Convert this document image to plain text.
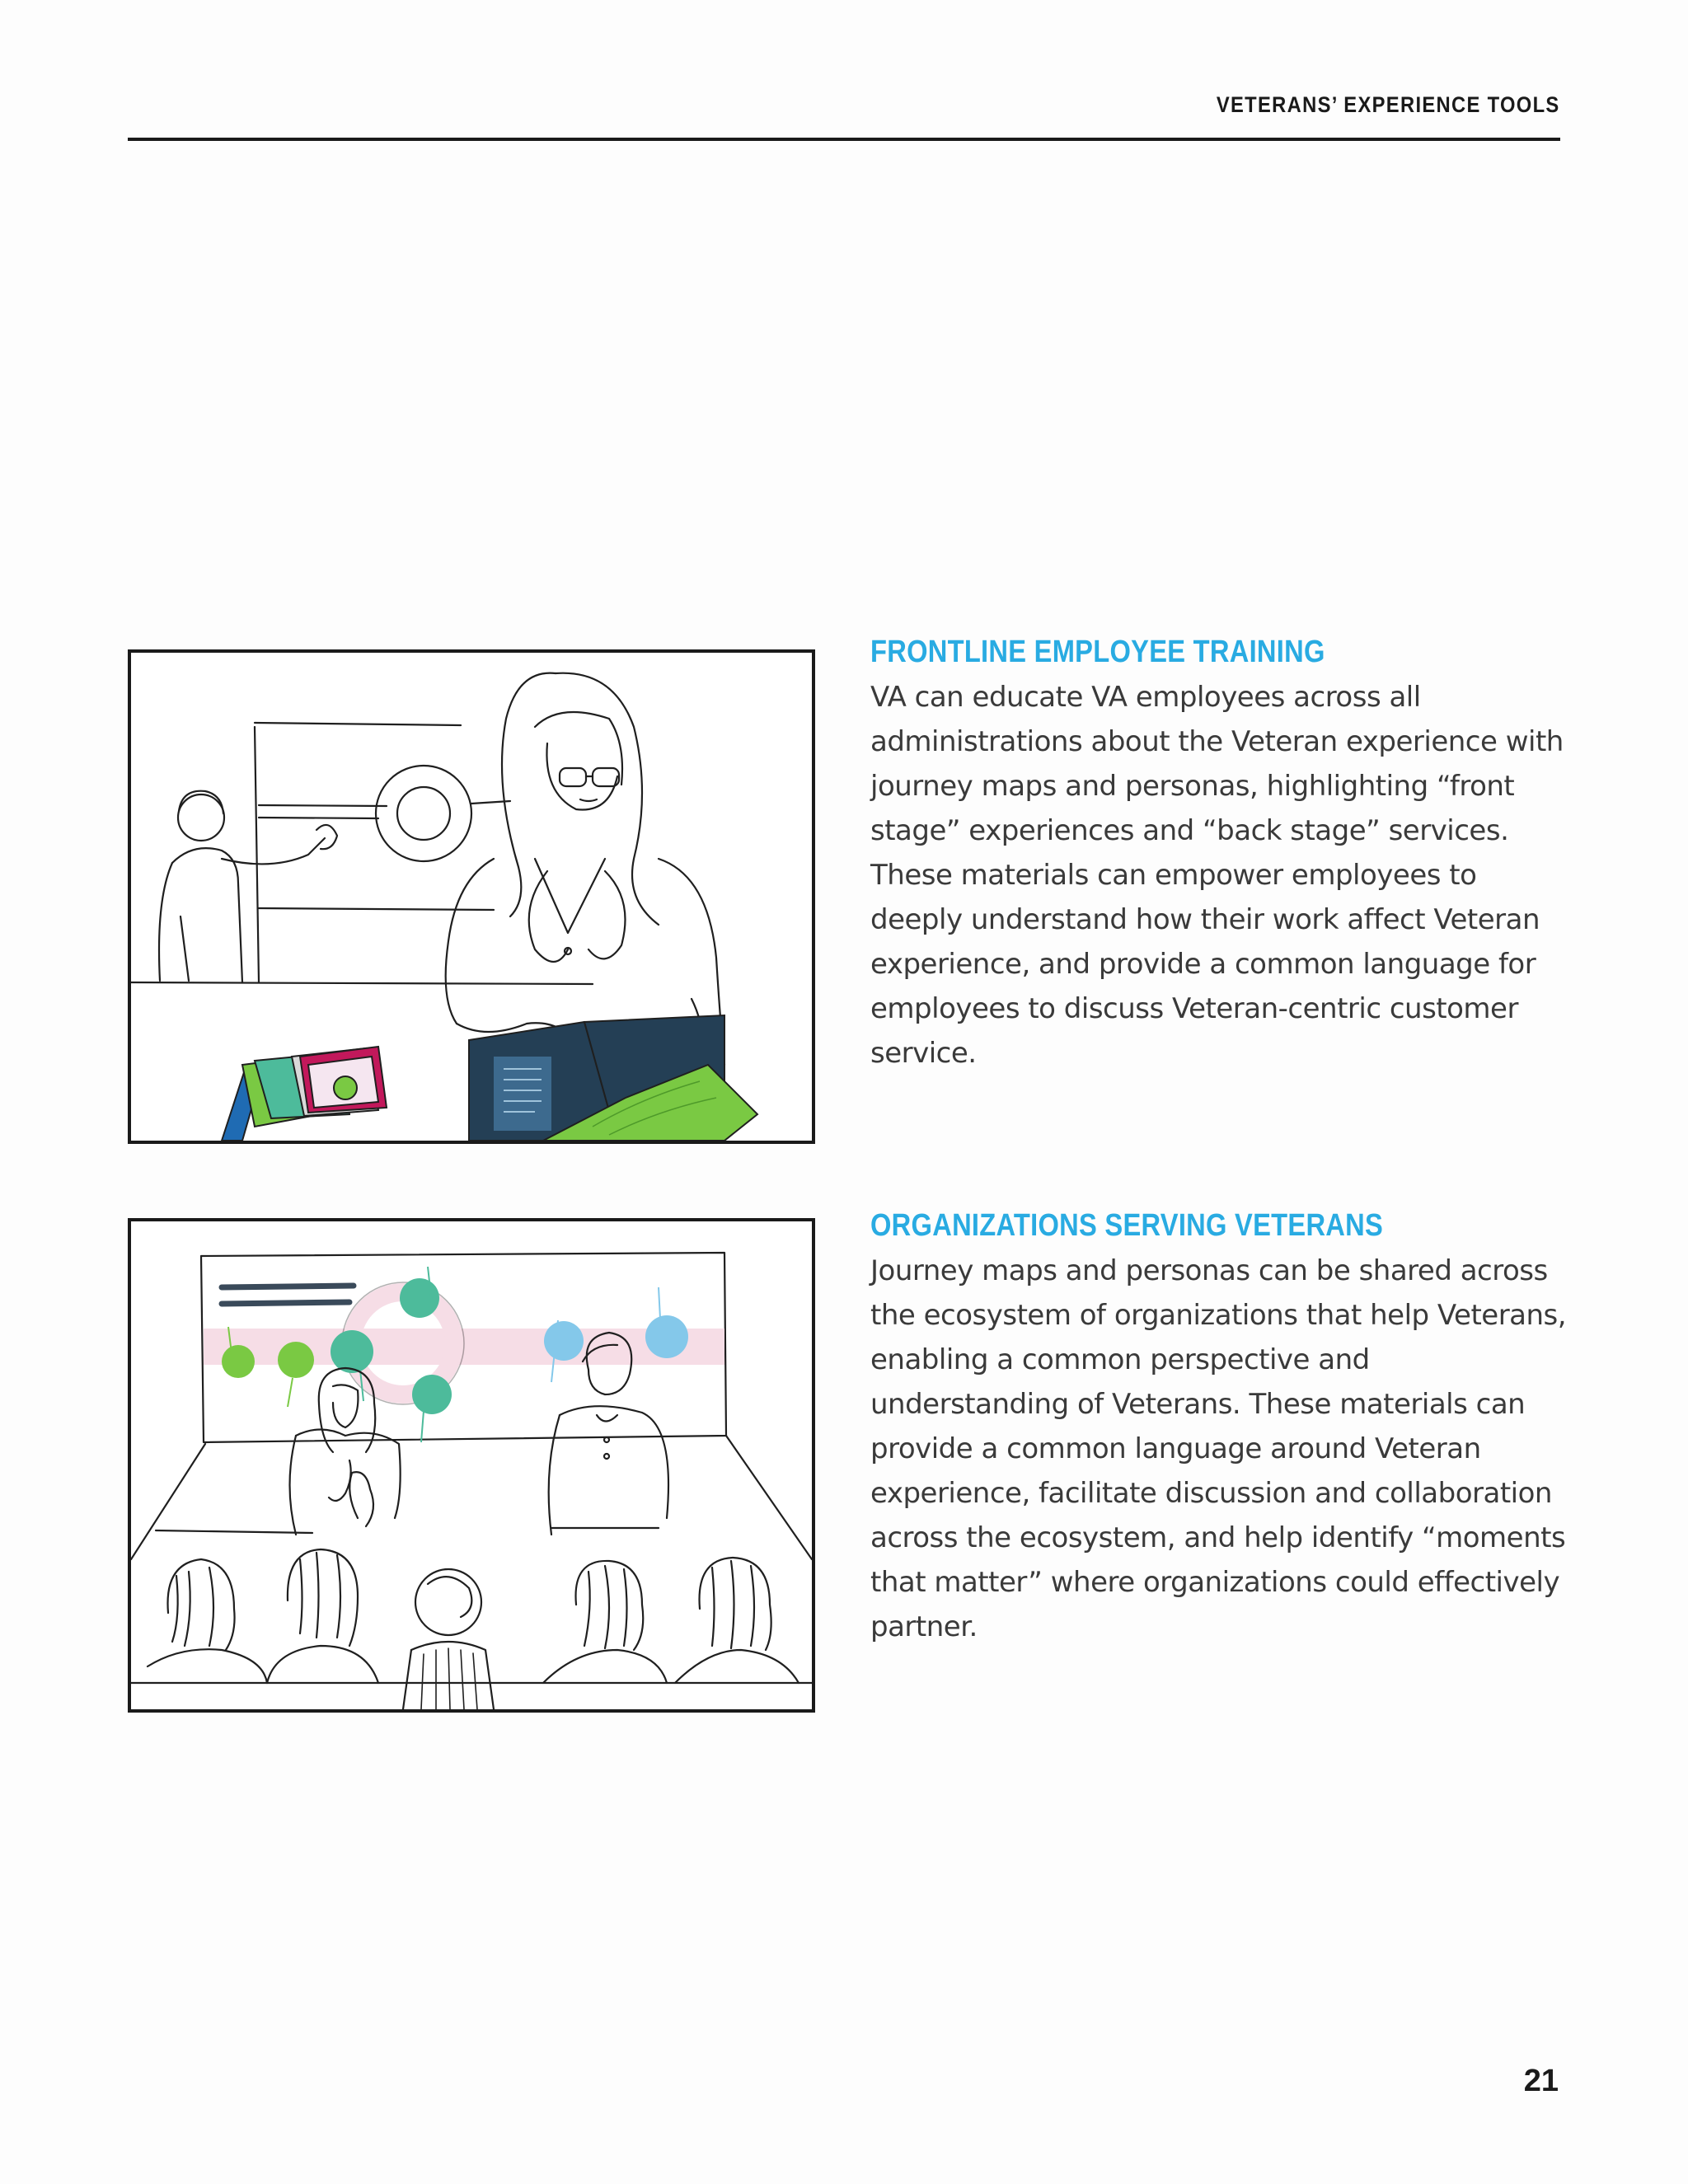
VETERANS’ EXPERIENCE TOOLS
FRONTLINE EMPLOYEE TRAINING

VA can educate VA employees across all administrations about the Veteran experience with journey maps and personas, highlighting “front stage” experiences and “back stage” services. These materials can empower employees to deeply understand how their work affect Veteran experience, and provide a common language for employees to discuss Veteran-centric customer service.

ORGANIZATIONS SERVING VETERANS

Journey maps and personas can be shared across the ecosystem of organizations that help Veterans, enabling a common perspective and understanding of Veterans. These materials can provide a common language around Veteran experience, facilitate discussion and collaboration across the ecosystem, and help identify “moments that matter” where organizations could effectively partner.

21
